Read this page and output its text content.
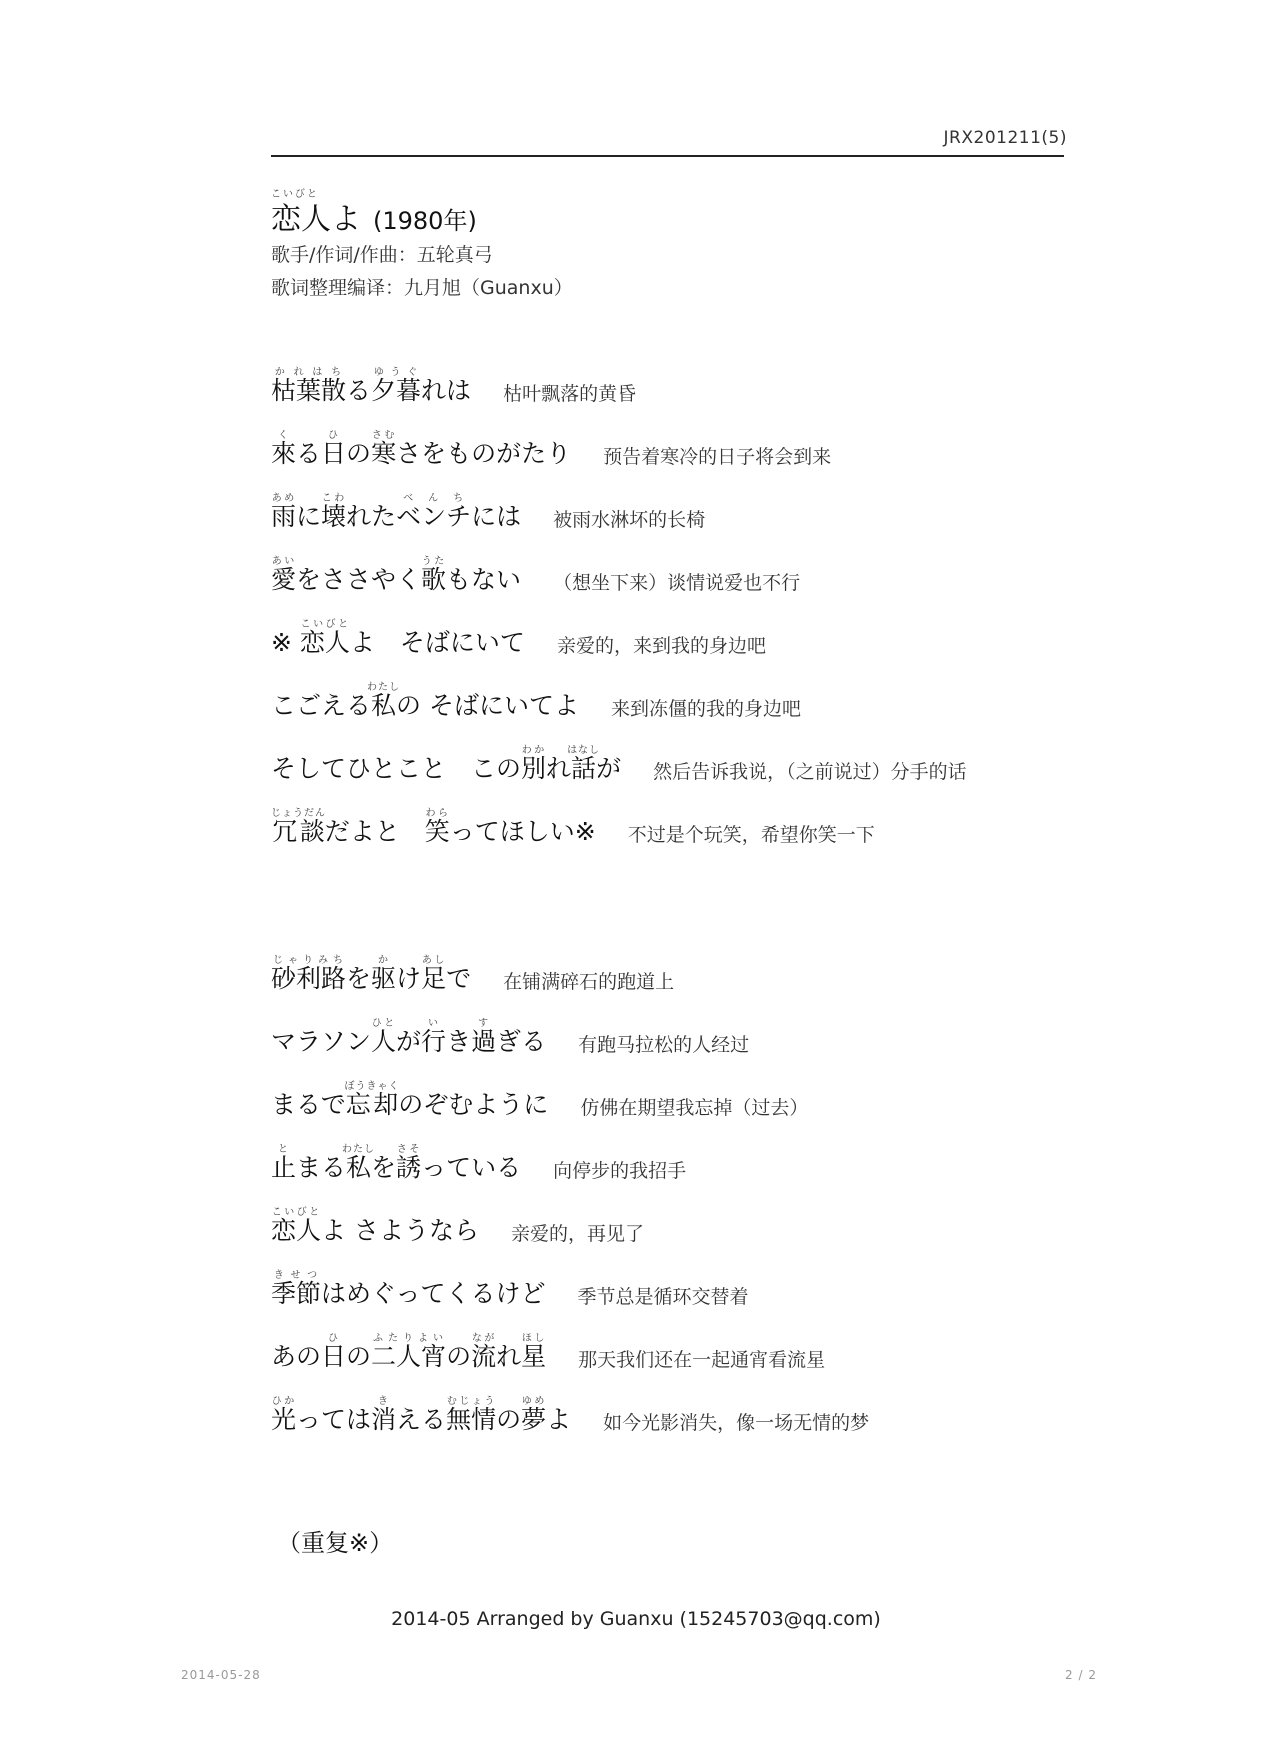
JRX201211(5)
こいびと
恋人よ (1980年)
歌手/作词/作曲：五轮真弓
歌词整理编译：九月旭（Guanxu）
枯葉散かれはちる夕暮ゆうぐれは 枯叶飘落的黄昏
來くる日ひの寒さむさをものがたり 预告着寒冷的日子将会到来
雨あめに壊こわれたベンチべんちには 被雨水淋坏的长椅
愛あいをささやく歌うたもない （想坐下来）谈情说爱也不行
※ 恋人こいびとよ　そばにいて 亲爱的，来到我的身边吧
こごえる私わたしの そばにいてよ 来到冻僵的我的身边吧
そしてひとこと　この別わかれ話はなしが 然后告诉我说，（之前说过）分手的话
冗談じょうだんだよと　笑わらってほしい※ 不过是个玩笑，希望你笑一下
砂利路じゃりみちを驱かけ足あしで 在铺满碎石的跑道上
マラソン人ひとが行いき過すぎる 有跑马拉松的人经过
まるで忘却ぼうきゃくのぞむように 仿佛在期望我忘掉（过去）
止とまる私わたしを誘さそっている 向停步的我招手
恋人こいびとよ さようなら 亲爱的，再见了
季節きせつはめぐってくるけど 季节总是循环交替着
あの日ひの二人宵ふたりよいの流ながれ星ほし
那天我们还在一起通宵看流星
光ひかっては消きえる無情むじょうの夢ゆめよ 如今光影消失，像一场无情的梦
（重复※）
2014-05 Arranged by Guanxu (15245703@qq.com)
2014-05-28	2 / 2
